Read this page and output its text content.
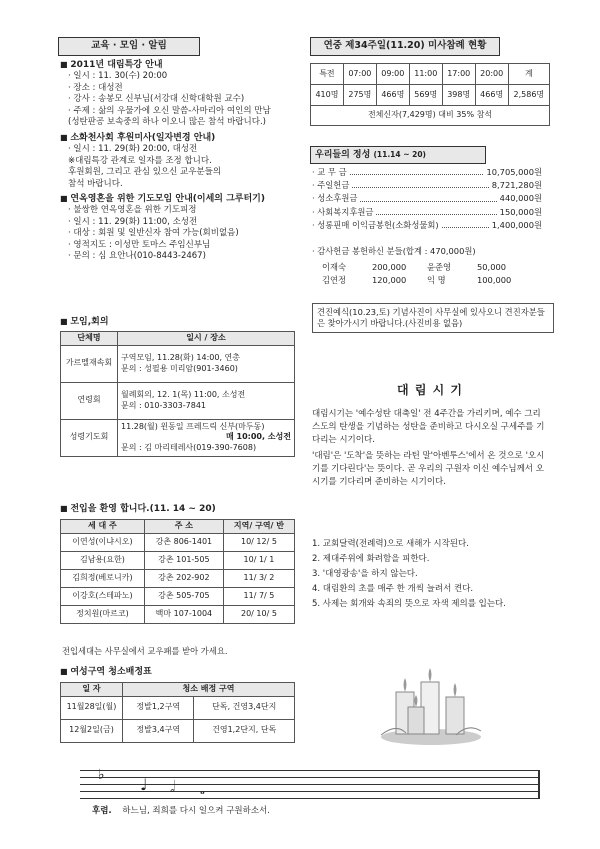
교육 · 모임 · 알림
■ 2011년 대림특강 안내
· 일시 : 11. 30(수) 20:00
· 장소 : 대성전
· 강사 : 송봉모 신부님(서강대 신학대학원 교수)
· 주제 : 삶의 우물가에 오신 말씀-사마리아 여인의 만남
(성탄판공 보속중의 하나 이오니 많은 참석 바랍니다.)
■ 소화천사회 후원미사(일자변경 안내)
· 일시 : 11. 29(화) 20:00, 대성전
※대림특강 관계로 일자를 조정 합니다.
후원회원, 그리고 관심 있으신 교우분들의
참석 바랍니다.
■ 연옥영혼을 위한 기도모임 안내(이세의 그루터기)
· 불쌍한 연옥영혼을 위한 기도피정
· 일시 : 11. 29(화) 11:00, 소성전
· 대상 : 회원 및 일반신자 참여 가능(회비없음)
· 영적지도 : 이성만 토마스 주임신부님
· 문의 : 심 요안나(010-8443-2467)
■ 모임,회의
단체명	일시 / 장소
가르멜재속회	구역모임, 11.28(화) 14:00, 연총
문의 : 성필용 미리암(901-3460)

연령회	월례회의, 12. 1(목) 11:00, 소성전
문의 : 010-3303-7841

성령기도회	11.28(월) 윈동일 프레드릭 신부(마두동)
매 10:00, 소성전
문의 : 김 마리테레사(019-390-7608)
■ 전입을 환영 합니다.(11. 14 ~ 20)
세 대 주	주 소	지역/ 구역/ 반
이연성(이냐시오)	강촌 806-1401	10/ 12/ 5
김남용(요한)	강촌 101-505	10/ 1/ 1
김희정(베로니카)	강촌 202-902	11/ 3/ 2
이강호(스테파노)	강촌 505-705	11/ 7/ 5
정치원(마르코)	백마 107-1004	20/ 10/ 5
전입세대는 사무실에서 교우패를 받아 가세요.
■ 여성구역 청소배정표
일 자	청소 배정 구역	
11월28일(월)	정발1,2구역	단독, 건영3,4단지
12월2일(금)	정발3,4구역	건영1,2단지, 단독
연중 제34주일(11.20) 미사참례 현황
특전	07:00	09:00	11:00	17:00	20:00	계
410명	275명	466명	569명	398명	466명	2,586명
전체신자(7,429명) 대비 35% 참석						
우리들의 정성 (11.14 ~ 20)
· 교 무 금	10,705,000원
· 주일헌금	8,721,280원
· 성소후원금	440,000원
· 사회복지후원금	150,000원
· 성롱핀매 이익금봉헌(소화성물회)	1,400,000원
· 감사헌금 봉헌하신 분들(합계 : 470,000원)
이재숙	200,000	윤준영	50,000
김연정	120,000	익 명	100,000
견진예식(10.23,토) 기념사진이 사무실에 있사오니 견진자분들은 찾아가시기 바랍니다.(사진비용 없음)
대 림 시 기
대림시기는 '예수성탄 대축일' 전 4주간을 가리키며, 예수 그리스도의 탄생을 기념하는 성탄을 준비하고 다시오실 구세주를 기다리는 시기이다.
'대림'은 '도착'을 뜻하는 라틴 말'아벤투스'에서 온 것으로 '오시기를 기다린다'는 뜻이다. 곧 우리의 구원자 이신 예수님께서 오시기를 기다리며 준비하는 시기이다.
1. 교회달력(전례력)으로 새해가 시작된다.
2. 제대주위에 화려함을 피한다.
3. '대영광송'을 하지 않는다.
4. 대림환의 초를 매주 한 개씩 늘려서 켠다.
5. 사제는 회개와 속죄의 뜻으로 자색 제의를 입는다.
♭ ♩ 𝅗𝅥 𝅝
후렴. 하느님, 죄희를 다시 일으켜 구원하소서.
